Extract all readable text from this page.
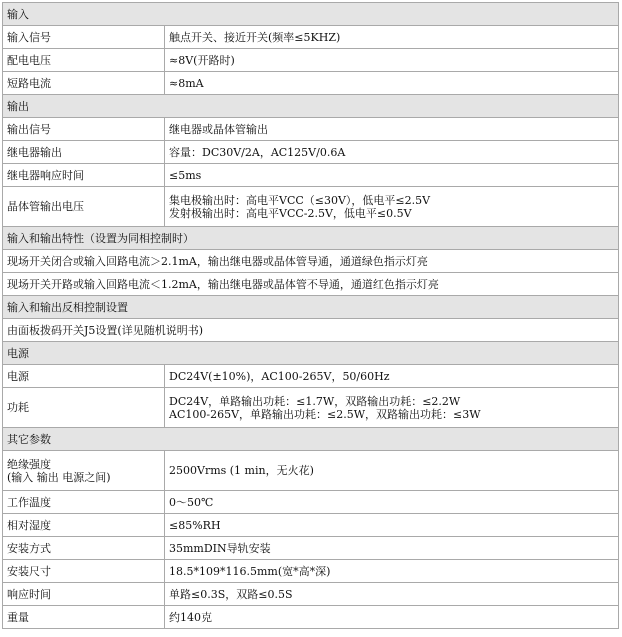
输入	
输入信号	触点开关、接近开关(频率≤5KHZ)
配电电压	≈8V(开路时)
短路电流	≈8mA
输出	
输出信号	继电器或晶体管输出
继电器输出	容量：DC30V/2A，AC125V/0.6A
继电器响应时间	≤5ms
晶体管输出电压	集电极输出时：高电平VCC（≤30V），低电平≤2.5V
发射极输出时：高电平VCC-2.5V，低电平≤0.5V

输入和输出特性（设置为同相控制时）	
现场开关闭合或输入回路电流＞2.1mA，输出继电器或晶体管导通，通道绿色指示灯亮	
现场开关开路或输入回路电流＜1.2mA，输出继电器或晶体管不导通，通道红色指示灯亮	
输入和输出反相控制设置	
由面板拨码开关J5设置(详见随机说明书)	
电源	
电源	DC24V(±10%)，AC100-265V，50/60Hz
功耗	DC24V，单路输出功耗：≤1.7W，双路输出功耗：≤2.2W
AC100-265V，单路输出功耗：≤2.5W，双路输出功耗：≤3W

其它参数	

绝缘强度
(输入 输出 电源之间)	2500Vrms (1 min，无火花)
工作温度	0～50℃
相对湿度	≤85%RH
安装方式	35mmDIN导轨安装
安装尺寸	18.5*109*116.5mm(宽*高*深)
响应时间	单路≤0.3S，双路≤0.5S
重量	约140克
